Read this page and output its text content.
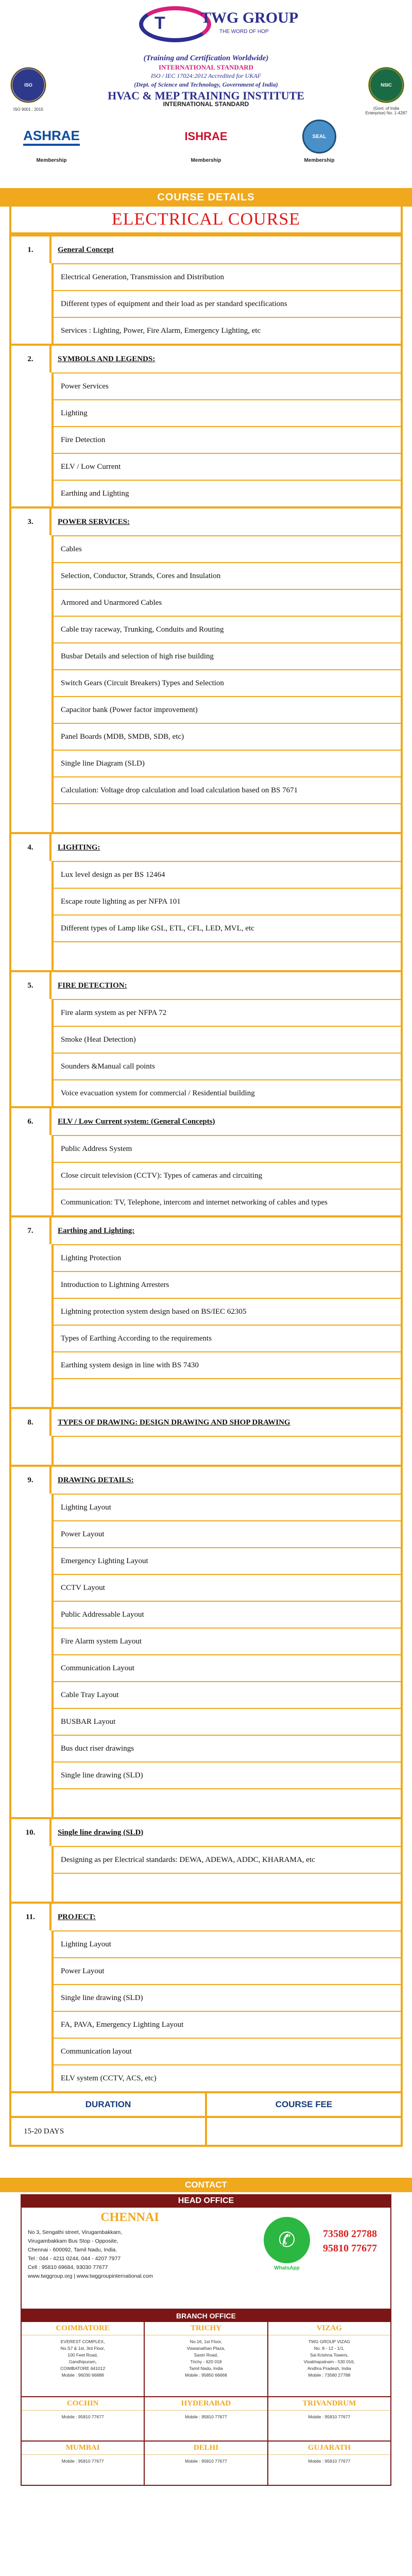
T TWG GROUP
THE WORD OF HOP
ISO
ISO 9001 : 2015
NSIC
(Govt. of India Enterprise) No. 1-4287
(Training and Certification Worldwide)
INTERNATIONAL STANDARD
ISO / IEC 17024:2012 Accredited for UKAF
(Dept. of Science and Technology, Government of India)
HVAC & MEP TRAINING INSTITUTE
INTERNATIONAL STANDARD
ASHRAE
Membership
ISHRAE
Membership
SEAL
Membership
COURSE DETAILS
ELECTRICAL COURSE
1.	General Concept
Electrical Generation, Transmission and Distribution
Different types of equipment and their load as per standard specifications
Services : Lighting, Power, Fire Alarm, Emergency Lighting, etc
2.	SYMBOLS AND LEGENDS:
Power Services
Lighting
Fire Detection
ELV / Low Current
Earthing and Lighting
3.	POWER SERVICES:
Cables
Selection, Conductor, Strands, Cores and Insulation
Armored and Unarmored Cables
Cable tray raceway, Trunking, Conduits and Routing
Busbar Details and selection of high rise building
Switch Gears (Circuit Breakers) Types and Selection
Capacitor bank (Power factor improvement)
Panel Boards (MDB, SMDB, SDB, etc)
Single line Diagram (SLD)
Calculation: Voltage drop calculation and load calculation based on BS 7671
4.	LIGHTING:
Lux level design as per BS 12464
Escape route lighting as per NFPA 101
Different types of Lamp like GSL, ETL, CFL, LED, MVL, etc
5.	FIRE DETECTION:
Fire alarm system as per NFPA 72
Smoke (Heat Detection)
Sounders &Manual call points
Voice evacuation system for commercial / Residential building
6.	ELV / Low Current system: (General Concepts)
Public Address System
Close circuit television (CCTV): Types of cameras and circuiting
Communication: TV, Telephone, intercom and internet networking of cables and types
7.	Earthing and Lighting:
Lighting Protection
Introduction to Lightning Arresters
Lightning protection system design based on BS/IEC 62305
Types of Earthing According to the requirements
Earthing system design in line with BS 7430
8.	TYPES OF DRAWING: DESIGN DRAWING AND SHOP DRAWING
9.	DRAWING DETAILS:
Lighting Layout
Power Layout
Emergency Lighting Layout
CCTV Layout
Public Addressable Layout
Fire Alarm system Layout
Communication Layout
Cable Tray Layout
BUSBAR Layout
Bus duct riser drawings
Single line drawing (SLD)
10.	Single line drawing (SLD)
Designing as per Electrical standards: DEWA, ADEWA, ADDC, KHARAMA, etc
11.	PROJECT:
Lighting Layout
Power Layout
Single line drawing (SLD)
FA, PAVA, Emergency Lighting Layout
Communication layout
ELV system (CCTV, ACS, etc)
DURATION
15-20 DAYS
COURSE FEE
CONTACT
HEAD OFFICE
CHENNAI
No 3, Sengathi street, Virugambakkam,
Virugambakkam Bus Stop - Opposite,
Chennai - 600092, Tamil Nadu, India.
Tel : 044 - 4211 0244, 044 - 4207 7977
Cell : 95810 69684, 93030 77677
www.twggroup.org | www.twggroupinternational.com
✆
WhatsApp
73580 27788
95810 77677
BRANCH OFFICE
COIMBATORE
EVEREST COMPLEX,
No.S7 & 1st, 3rd Floor,
100 Feet Road,
Gandhipuram,
COIMBATORE 641012
Mobile : 96030 66888
TRICHY
No.16, 1st Floor,
Viswanathan Plaza,
Sastri Road,
Trichy - 620 018
Tamil Nadu, India
Mobile : 95850 66668
VIZAG
TWG GROUP VIZAG
No. 8 - 12 - 1/1,
Sai Krishna Towers,
Visakhapatnam - 530 016,
Andhra Pradesh, India
Mobile : 73580 27788
COCHIN
Mobile : 95810 77677
HYDERABAD
Mobile : 95810 77677
TRIVANDRUM
Mobile : 95810 77677
MUMBAI
Mobile : 95810 77677
DELHI
Mobile : 95810 77677
GUJARATH
Mobile : 95810 77677
